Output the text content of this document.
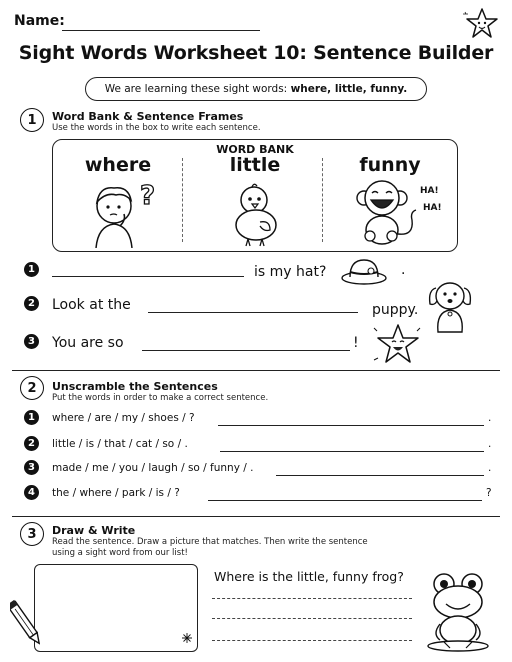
Name:
Sight Words Worksheet 10: Sentence Builder
We are learning these sight words:
where, little, funny.
1	Word Bank & Sentence Frames
Use the words in the box to write each sentence.
WORD BANK
where	little	funny
?	HA!
HA!
1	is my hat?	.
2 Look at the	puppy.
3 You are so	!
2	Unscramble the Sentences
Put the words in order to make a correct sentence.
1	where / are / my / shoes / ?	.
2	little / is / that / cat / so / .	.
3	made / me / you / laugh / so / funny / .	.
4	the / where / park / is / ?	?
3	Draw & Write
Read the sentence. Draw a picture that matches. Then write the sentence
using a sight word from our list!
Where is the little, funny frog?
